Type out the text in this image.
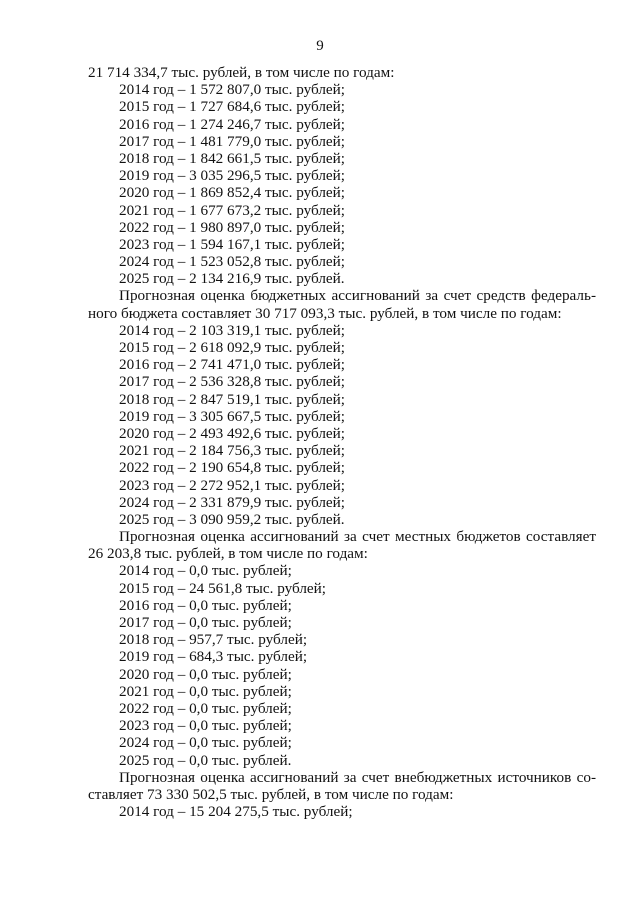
9
21 714 334,7 тыс. рублей, в том числе по годам:
2014 год – 1 572 807,0 тыс. рублей;
2015 год – 1 727 684,6 тыс. рублей;
2016 год – 1 274 246,7 тыс. рублей;
2017 год – 1 481 779,0 тыс. рублей;
2018 год – 1 842 661,5 тыс. рублей;
2019 год – 3 035 296,5 тыс. рублей;
2020 год – 1 869 852,4 тыс. рублей;
2021 год – 1 677 673,2 тыс. рублей;
2022 год – 1 980 897,0 тыс. рублей;
2023 год – 1 594 167,1 тыс. рублей;
2024 год – 1 523 052,8 тыс. рублей;
2025 год – 2 134 216,9 тыс. рублей.
Прогнозная оценка бюджетных ассигнований за счет средств федераль-
ного бюджета составляет 30 717 093,3 тыс. рублей, в том числе по годам:
2014 год – 2 103 319,1 тыс. рублей;
2015 год – 2 618 092,9 тыс. рублей;
2016 год – 2 741 471,0 тыс. рублей;
2017 год – 2 536 328,8 тыс. рублей;
2018 год – 2 847 519,1 тыс. рублей;
2019 год – 3 305 667,5 тыс. рублей;
2020 год – 2 493 492,6 тыс. рублей;
2021 год – 2 184 756,3 тыс. рублей;
2022 год – 2 190 654,8 тыс. рублей;
2023 год – 2 272 952,1 тыс. рублей;
2024 год – 2 331 879,9 тыс. рублей;
2025 год – 3 090 959,2 тыс. рублей.
Прогнозная оценка ассигнований за счет местных бюджетов составляет
26 203,8 тыс. рублей, в том числе по годам:
2014 год – 0,0 тыс. рублей;
2015 год – 24 561,8 тыс. рублей;
2016 год – 0,0 тыс. рублей;
2017 год – 0,0 тыс. рублей;
2018 год – 957,7 тыс. рублей;
2019 год – 684,3 тыс. рублей;
2020 год – 0,0 тыс. рублей;
2021 год – 0,0 тыс. рублей;
2022 год – 0,0 тыс. рублей;
2023 год – 0,0 тыс. рублей;
2024 год – 0,0 тыс. рублей;
2025 год – 0,0 тыс. рублей.
Прогнозная оценка ассигнований за счет внебюджетных источников со-
ставляет 73 330 502,5 тыс. рублей, в том числе по годам:
2014 год – 15 204 275,5 тыс. рублей;
